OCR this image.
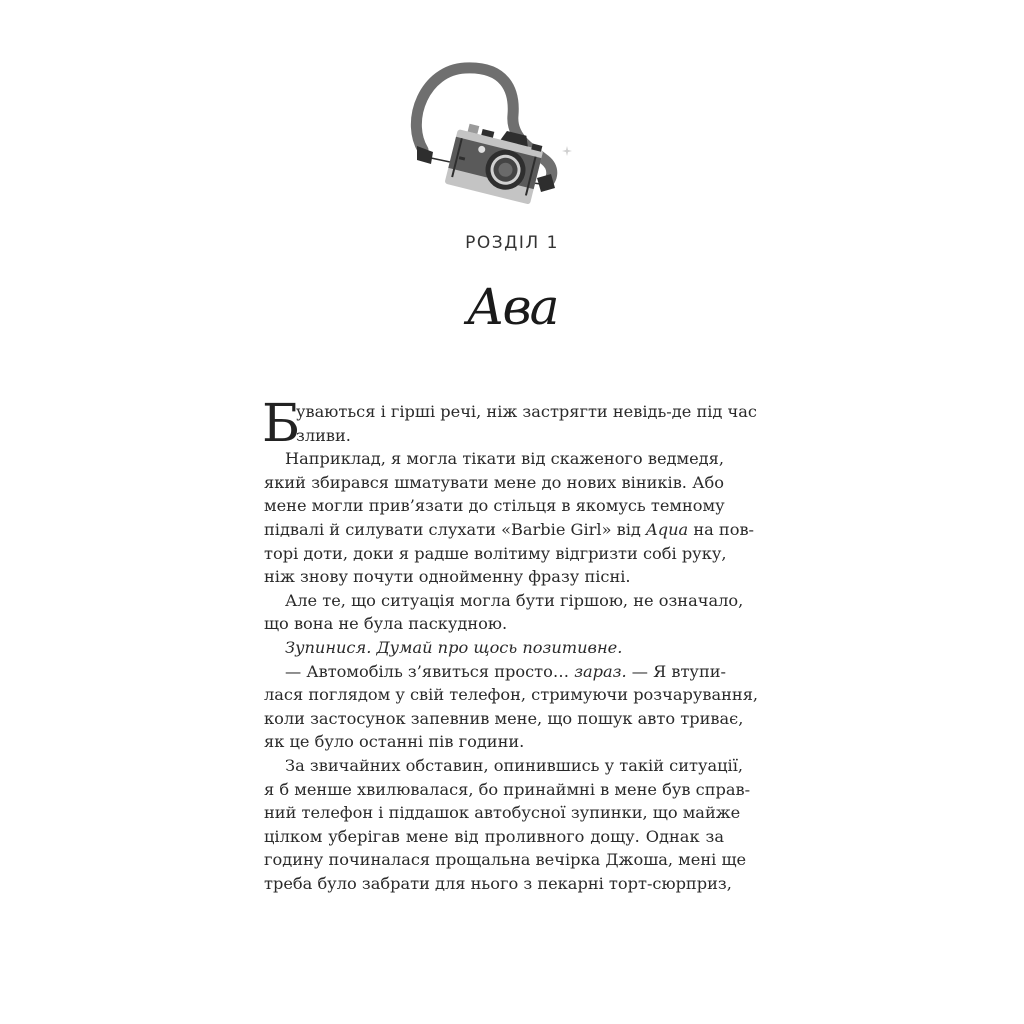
РОЗДІЛ 1
Ава
Б
уваються і гірші речі, ніж застрягти невідь-де під час
зливи.
Наприклад, я могла тікати від скаженого ведмедя,
який збирався шматувати мене до нових віників. Або
мене могли прив’язати до стільця в якомусь темному
підвалі й силувати слухати «Barbie Girl» від Aqua на пов-
торі доти, доки я радше волітиму відгризти собі руку,
ніж знову почути однойменну фразу пісні.
Але те, що ситуація могла бути гіршою, не означало,
що вона не була паскудною.
Зупинися. Думай про щось позитивне.
— Автомобіль з’явиться просто… зараз. — Я втупи-
лася поглядом у свій телефон, стримуючи розчарування,
коли застосунок запевнив мене, що пошук авто триває,
як це було останні пів години.
За звичайних обставин, опинившись у такій ситуації,
я б менше хвилювалася, бо принаймні в мене був справ-
ний телефон і піддашок автобусної зупинки, що майже
цілком уберігав мене від проливного дощу. Однак за
годину починалася прощальна вечірка Джоша, мені ще
треба було забрати для нього з пекарні торт-сюрприз,
